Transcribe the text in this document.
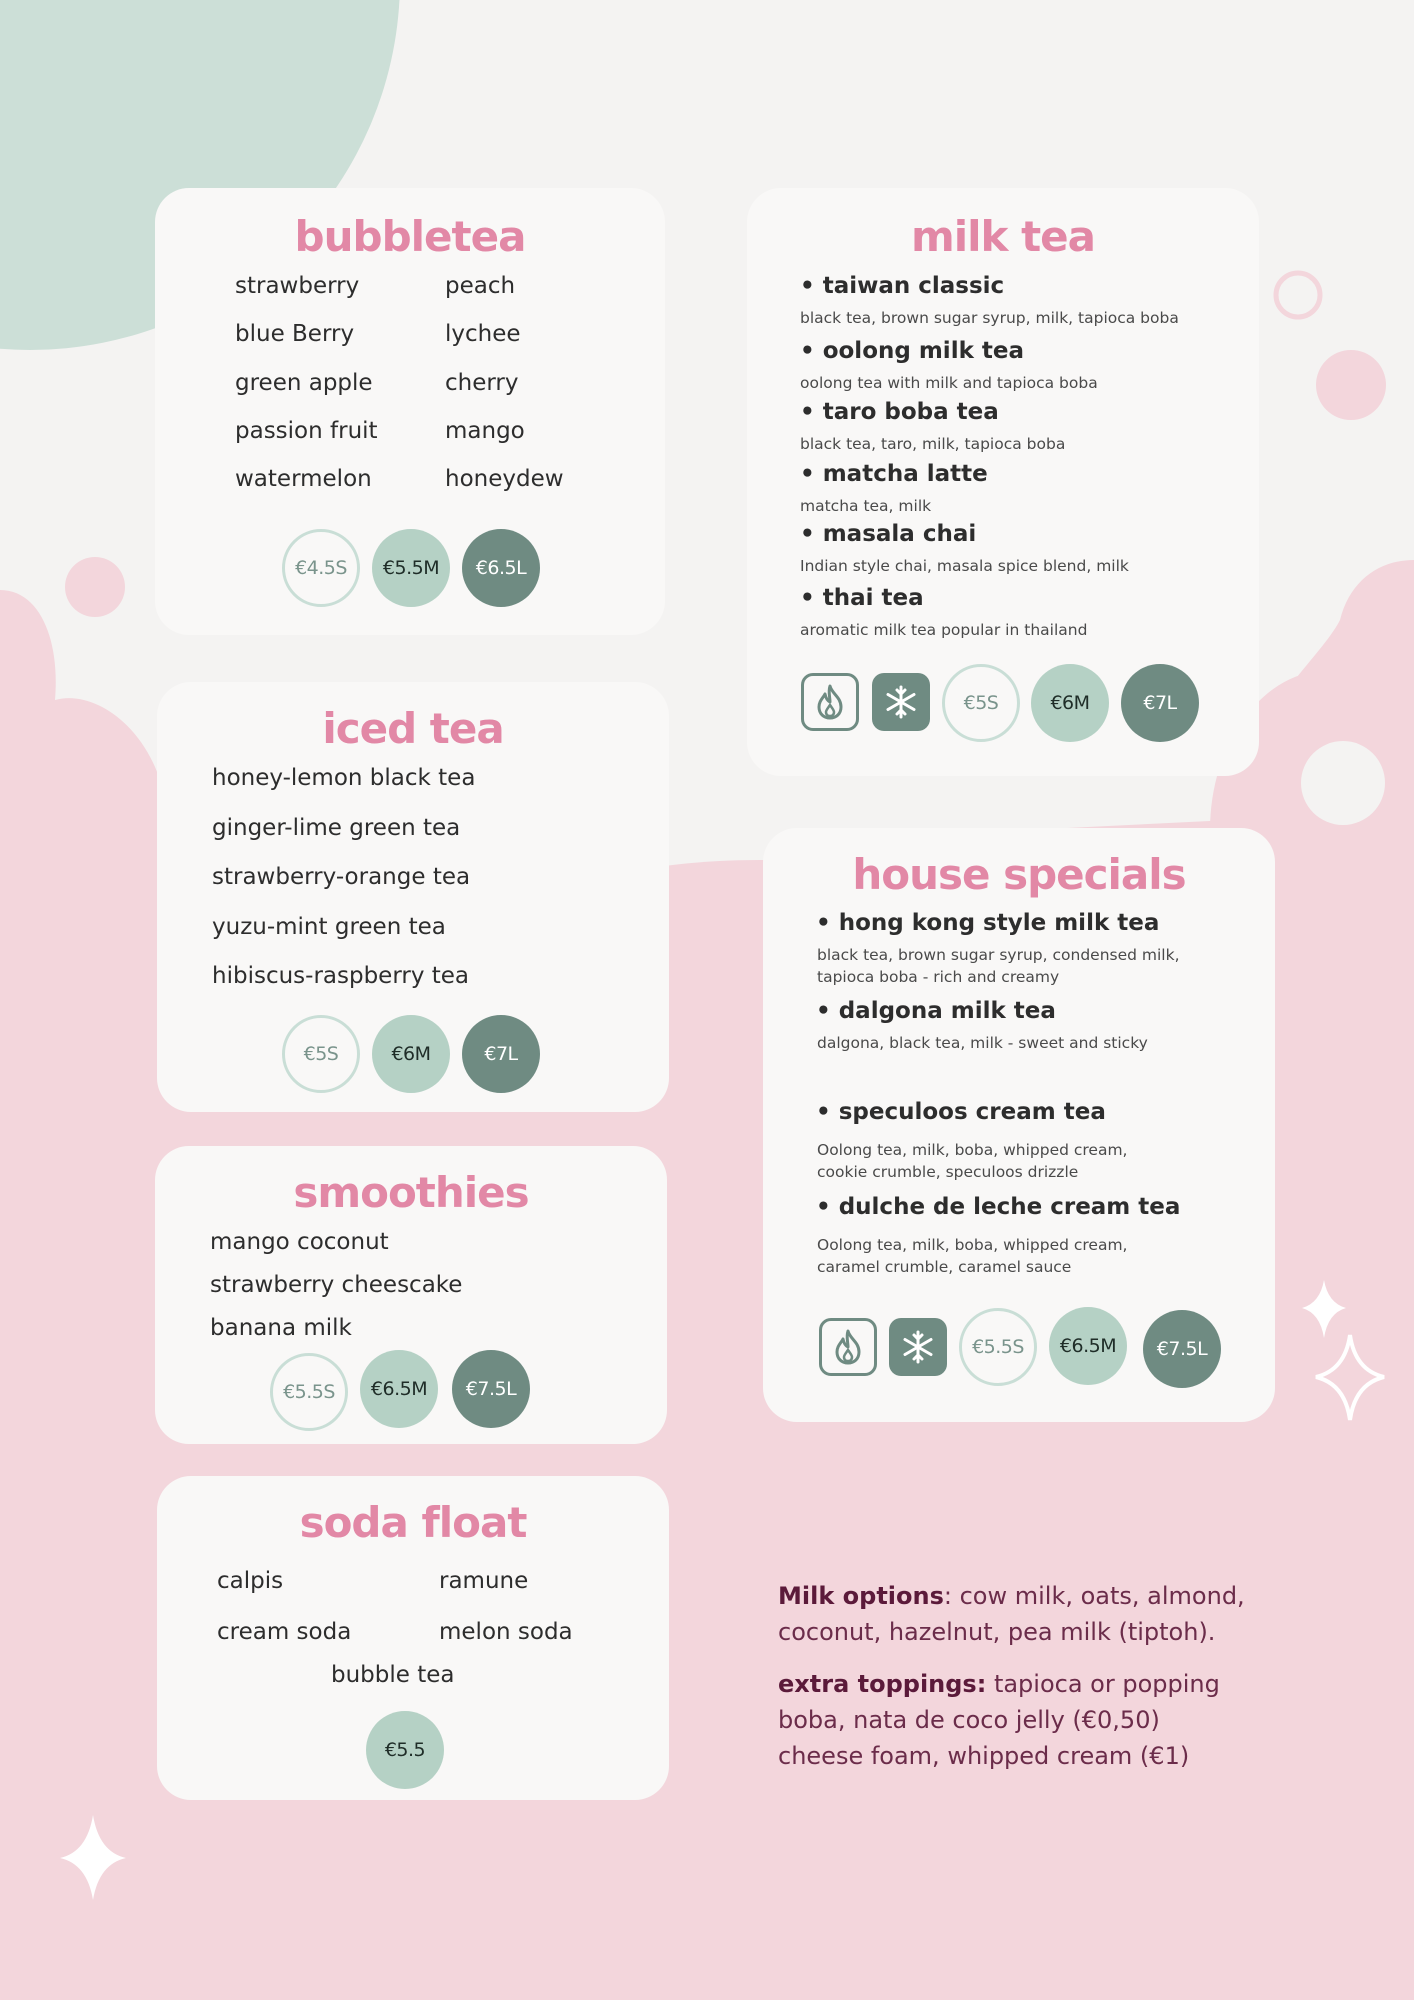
bubbletea
strawberry
blue Berry
green apple
passion fruit
watermelon
peach
lychee
cherry
mango
honeydew
€4.5S	€5.5M	€6.5L
iced tea
honey-lemon black tea
ginger-lime green tea
strawberry-orange tea
yuzu-mint green tea
hibiscus-raspberry tea
€5S	€6M	€7L
smoothies
mango coconut
strawberry cheescake
banana milk
€5.5S	€6.5M	€7.5L
soda float
calpis
cream soda
ramune
melon soda
bubble tea
€5.5
milk tea
• taiwan classic
black tea, brown sugar syrup, milk, tapioca boba
• oolong milk tea
oolong tea with milk and tapioca boba
• taro boba tea
black tea, taro, milk, tapioca boba
• matcha latte
matcha tea, milk
• masala chai
Indian style chai, masala spice blend, milk
• thai tea
aromatic milk tea popular in thailand
€5S	€6M	€7L
house specials
• hong kong style milk tea
black tea, brown sugar syrup, condensed milk,
tapioca boba - rich and creamy
• dalgona milk tea
dalgona, black tea, milk - sweet and sticky
• speculoos cream tea
Oolong tea, milk, boba, whipped cream,
cookie crumble, speculoos drizzle
• dulche de leche cream tea
Oolong tea, milk, boba, whipped cream,
caramel crumble, caramel sauce
€5.5S	€6.5M	€7.5L
Milk options: cow milk, oats, almond,
coconut, hazelnut, pea milk (tiptoh).
extra toppings: tapioca or popping
boba, nata de coco jelly (€0,50)
cheese foam, whipped cream (€1)
